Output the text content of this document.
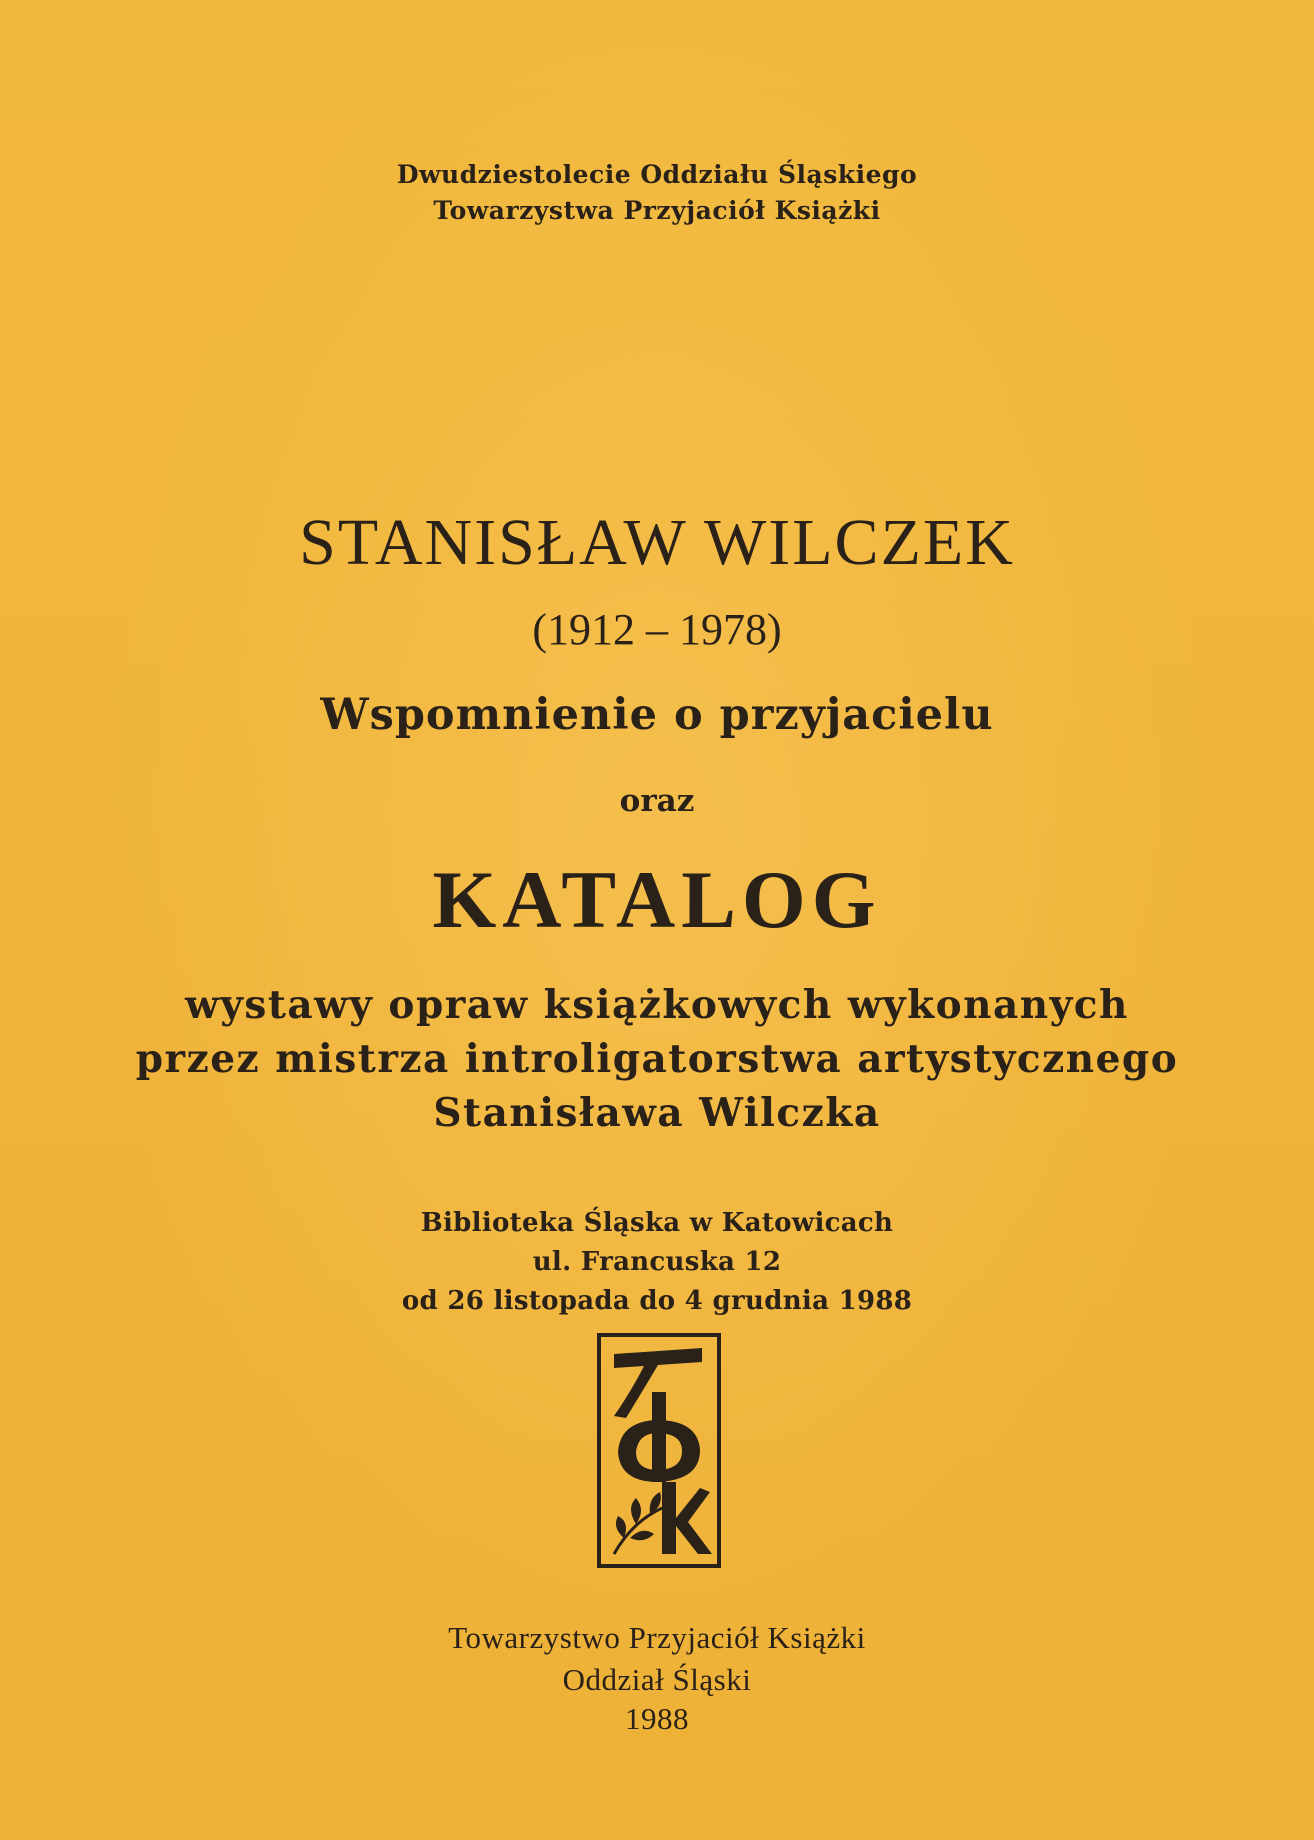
Dwudziestolecie Oddziału Śląskiego
Towarzystwa Przyjaciół Książki
STANISŁAW WILCZEK
(1912 – 1978)
Wspomnienie o przyjacielu
oraz
KATALOG
wystawy opraw książkowych wykonanych
przez mistrza introligatorstwa artystycznego
Stanisława Wilczka
Biblioteka Śląska w Katowicach
ul. Francuska 12
od 26 listopada do 4 grudnia 1988
Towarzystwo Przyjaciół Książki
Oddział Śląski
1988
